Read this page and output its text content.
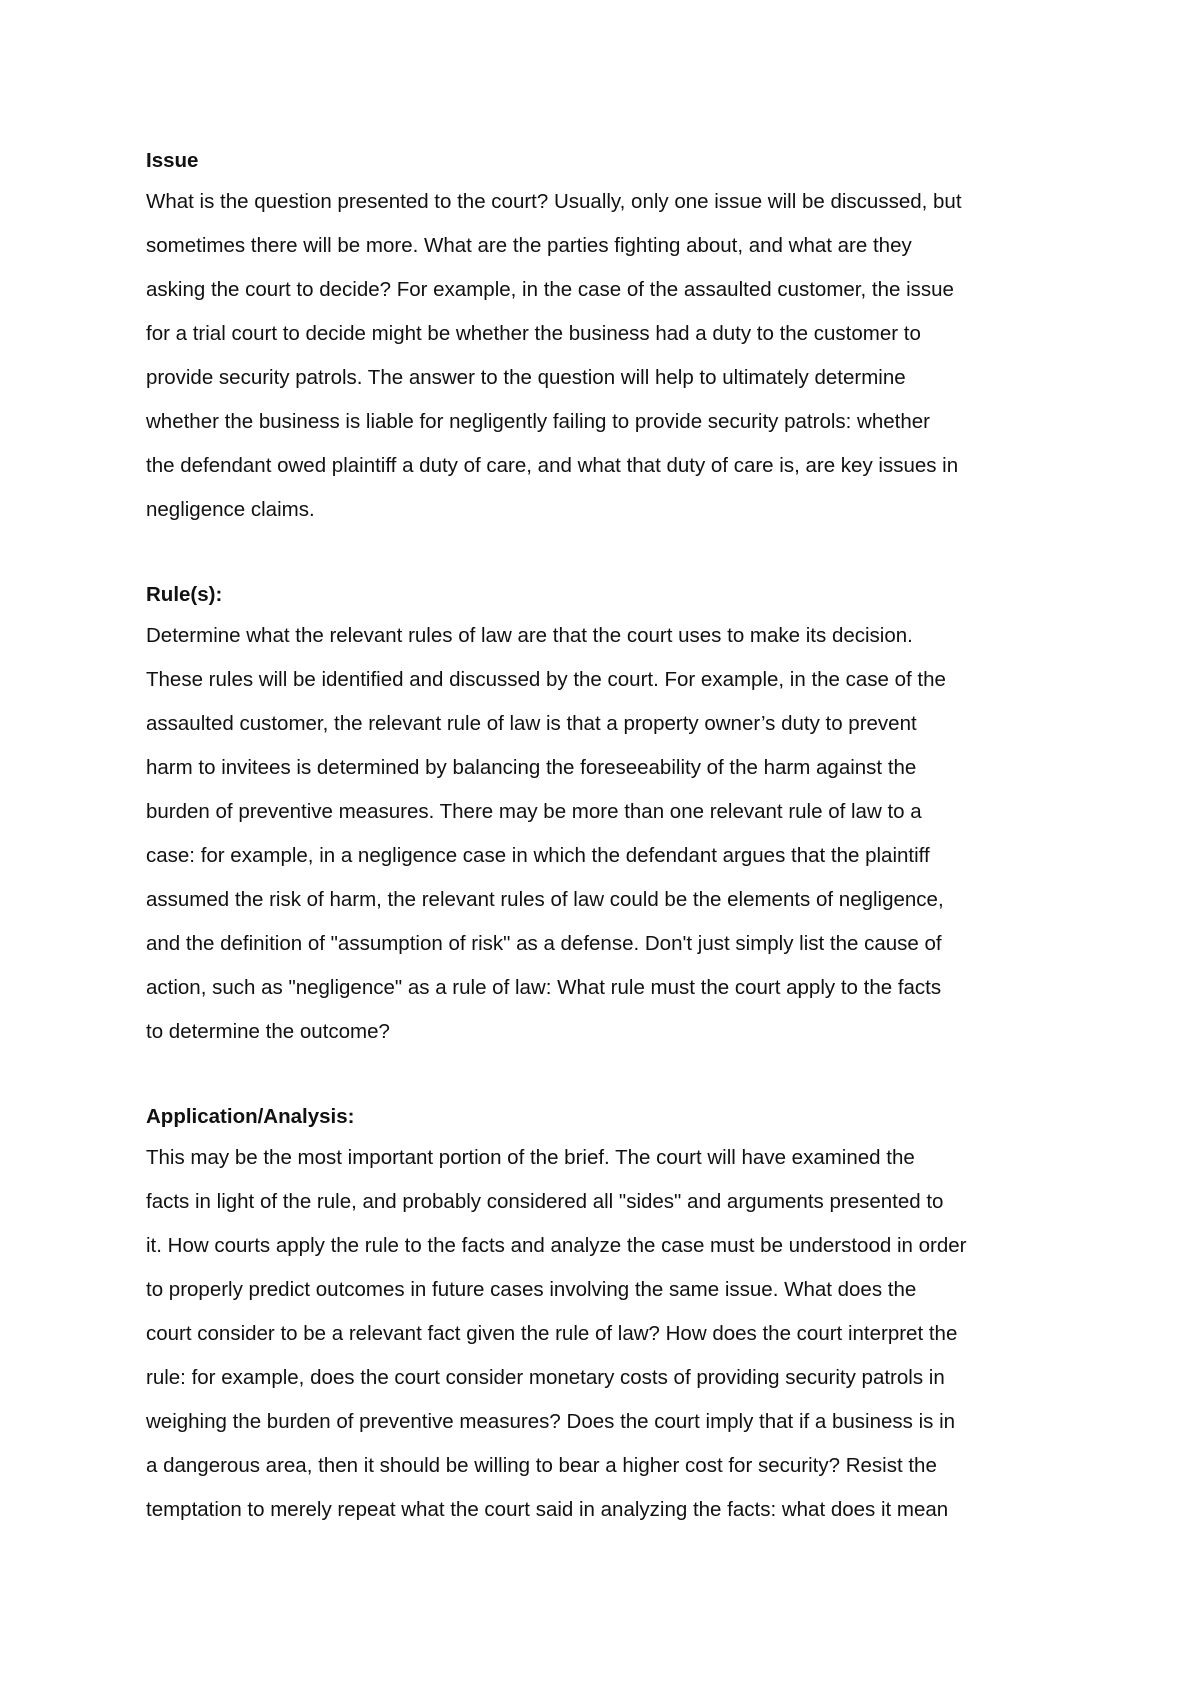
Issue

What is the question presented to the court? Usually, only one issue will be discussed, but

sometimes there will be more. What are the parties fighting about, and what are they

asking the court to decide? For example, in the case of the assaulted customer, the issue

for a trial court to decide might be whether the business had a duty to the customer to

provide security patrols. The answer to the question will help to ultimately determine

whether the business is liable for negligently failing to provide security patrols: whether

the defendant owed plaintiff a duty of care, and what that duty of care is, are key issues in

negligence claims.

Rule(s):

Determine what the relevant rules of law are that the court uses to make its decision.

These rules will be identified and discussed by the court. For example, in the case of the

assaulted customer, the relevant rule of law is that a property owner’s duty to prevent

harm to invitees is determined by balancing the foreseeability of the harm against the

burden of preventive measures. There may be more than one relevant rule of law to a

case: for example, in a negligence case in which the defendant argues that the plaintiff

assumed the risk of harm, the relevant rules of law could be the elements of negligence,

and the definition of "assumption of risk" as a defense. Don't just simply list the cause of

action, such as "negligence" as a rule of law: What rule must the court apply to the facts

to determine the outcome?

Application/Analysis:

This may be the most important portion of the brief. The court will have examined the

facts in light of the rule, and probably considered all "sides" and arguments presented to

it. How courts apply the rule to the facts and analyze the case must be understood in order

to properly predict outcomes in future cases involving the same issue. What does the

court consider to be a relevant fact given the rule of law? How does the court interpret the

rule: for example, does the court consider monetary costs of providing security patrols in

weighing the burden of preventive measures? Does the court imply that if a business is in

a dangerous area, then it should be willing to bear a higher cost for security? Resist the

temptation to merely repeat what the court said in analyzing the facts: what does it mean
